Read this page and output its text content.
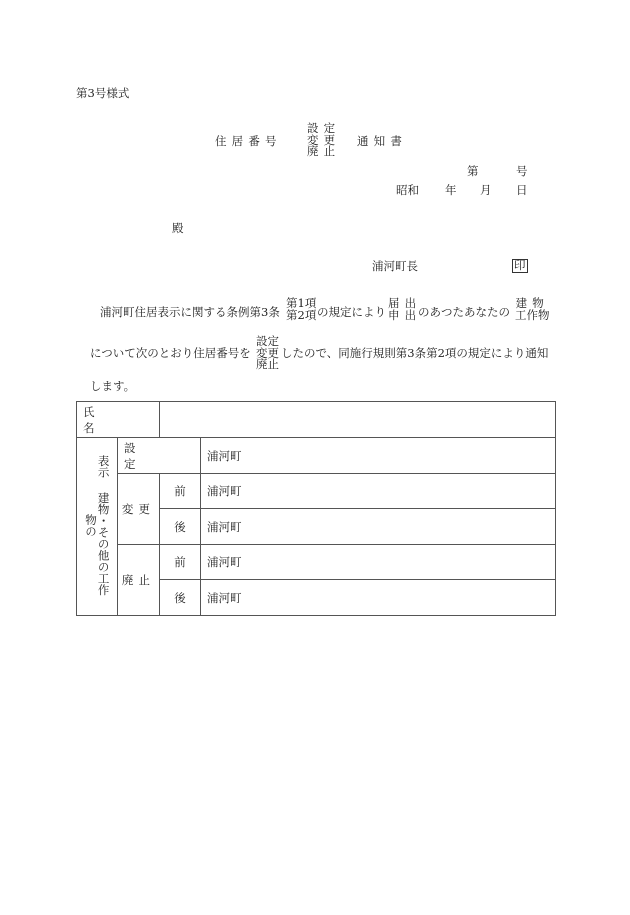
第3号様式
住居番号
設定
変更
廃止
通知書
第	号
昭和 年 月 日
殿
浦河町長	印
浦河町住居表示に関する条例第3条
第1項
第2項 の規定により
届出
申出
のあつたあなたの
建物
工作物
について次のとおり住居番号を
設定
変更
廃止
したので、同施行規則第3条第2項の規定により通知
します。
氏名			
表示 建物・その他の工作物の	設定		浦河町
	変更	前	浦河町
		後	浦河町
	廃止	前	浦河町
		後	浦河町
